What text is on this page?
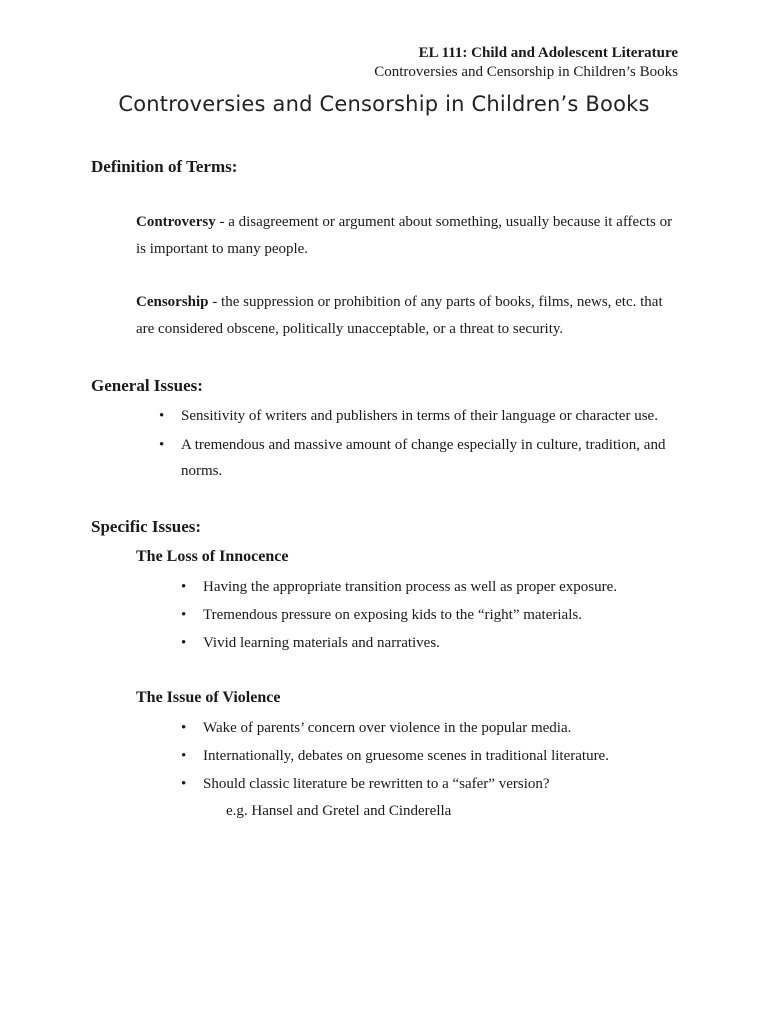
EL 111: Child and Adolescent Literature
Controversies and Censorship in Children’s Books
Controversies and Censorship in Children’s Books
Definition of Terms:
Controversy - a disagreement or argument about something, usually because it affects or is important to many people.
Censorship - the suppression or prohibition of any parts of books, films, news, etc. that are considered obscene, politically unacceptable, or a threat to security.
General Issues:
• Sensitivity of writers and publishers in terms of their language or character use.
• A tremendous and massive amount of change especially in culture, tradition, and norms.
Specific Issues:
The Loss of Innocence
• Having the appropriate transition process as well as proper exposure.
• Tremendous pressure on exposing kids to the “right” materials.
• Vivid learning materials and narratives.
The Issue of Violence
• Wake of parents’ concern over violence in the popular media.
• Internationally, debates on gruesome scenes in traditional literature.
• Should classic literature be rewritten to a “safer” version?
e.g. Hansel and Gretel and Cinderella
